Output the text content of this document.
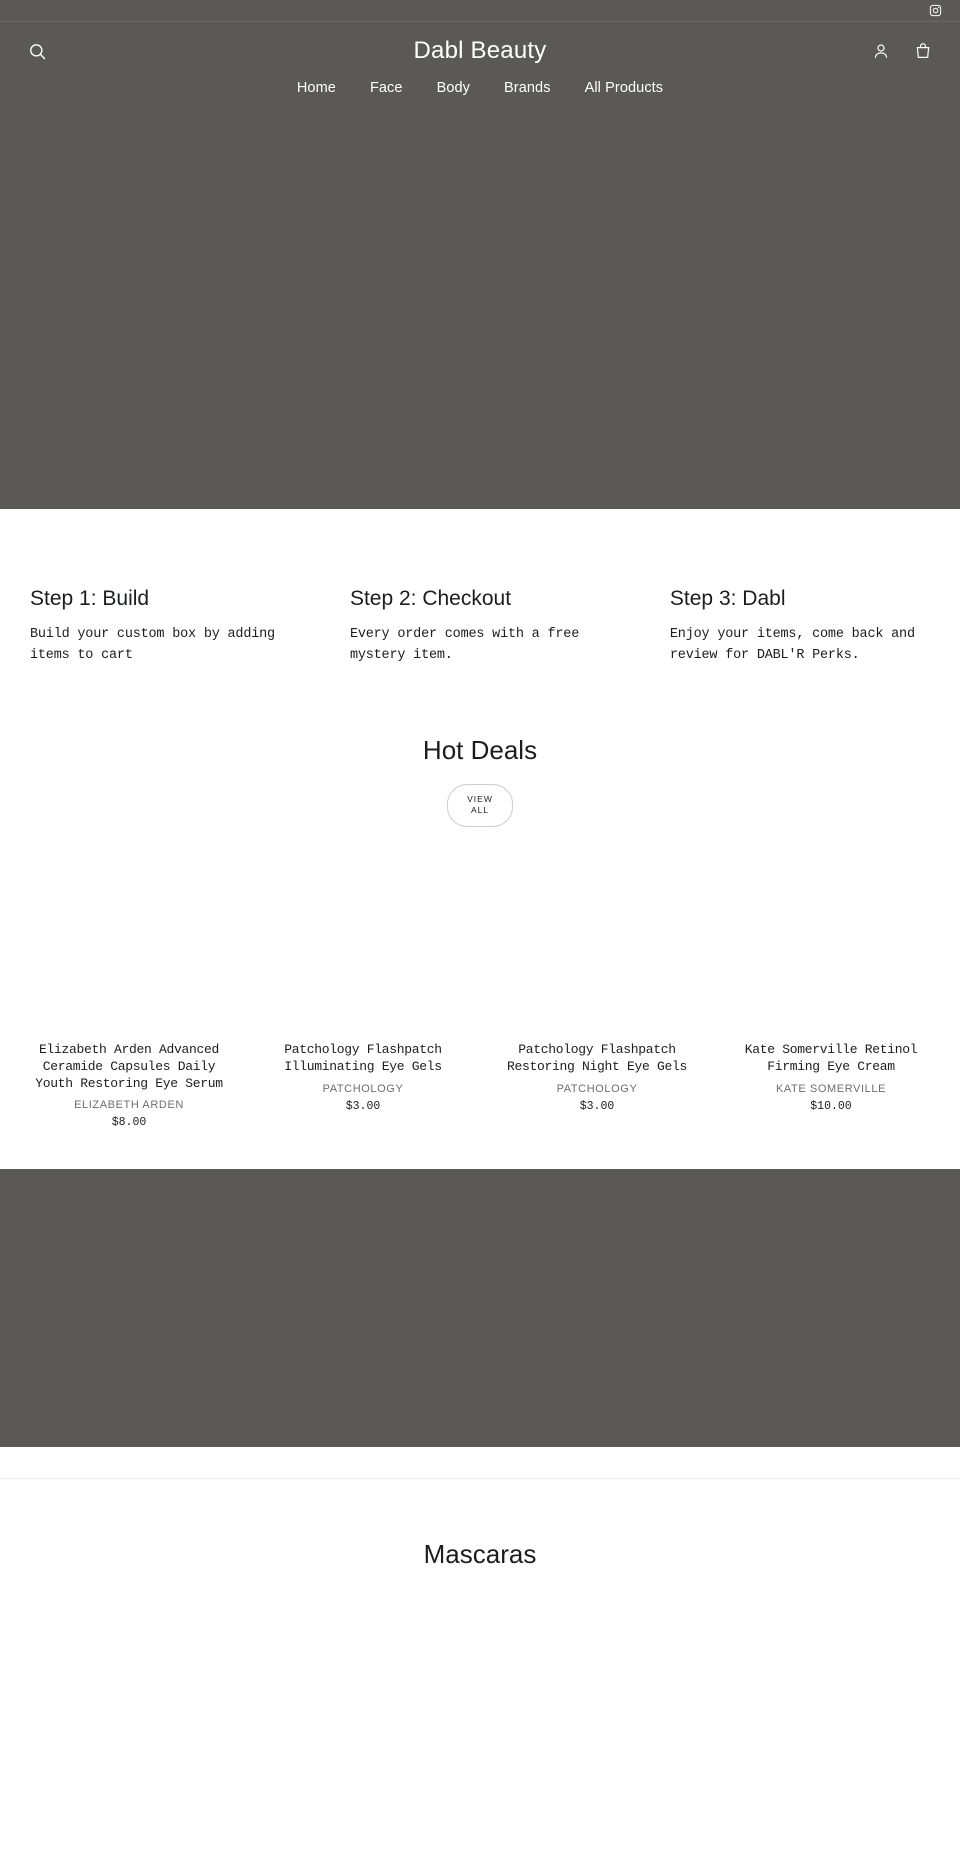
Dabl Beauty
Home Face Body Brands All Products
Step 1: Build
Build your custom box by adding items to cart
Step 2: Checkout
Every order comes with a free mystery item.
Step 3: Dabl
Enjoy your items, come back and review for DABL'R Perks.
Hot Deals
VIEW ALL
Elizabeth Arden Advanced Ceramide Capsules Daily Youth Restoring Eye Serum
ELIZABETH ARDEN
$8.00
Patchology Flashpatch Illuminating Eye Gels
PATCHOLOGY
$3.00
Patchology Flashpatch Restoring Night Eye Gels
PATCHOLOGY
$3.00
Kate Somerville Retinol Firming Eye Cream
KATE SOMERVILLE
$10.00
Mascaras
